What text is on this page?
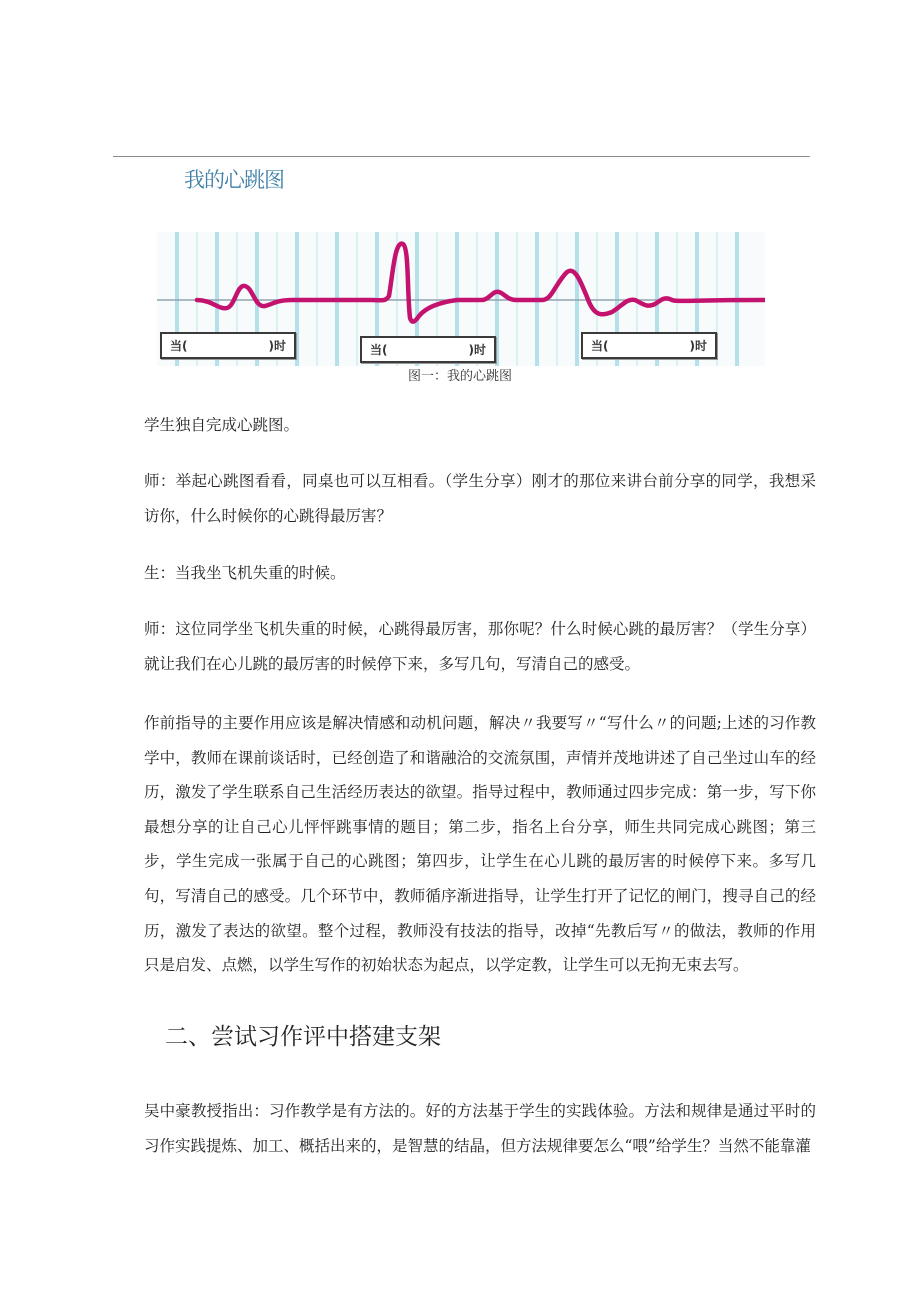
我的心跳图
当(	)时	当(	)时	当(	)时
图一：我的心跳图
学生独自完成心跳图。
师：举起心跳图看看，同桌也可以互相看。（学生分享）刚才的那位来讲台前分享的同学，我想采访你，什么时候你的心跳得最厉害？
生：当我坐飞机失重的时候。
师：这位同学坐飞机失重的时候，心跳得最厉害，那你呢？什么时候心跳的最厉害？（学生分享）就让我们在心儿跳的最厉害的时候停下来，多写几句，写清自己的感受。
作前指导的主要作用应该是解决情感和动机问题，解决〃我要写〃“写什么〃的问题;上述的习作教学中，教师在课前谈话时，已经创造了和谐融洽的交流氛围，声情并茂地讲述了自己坐过山车的经历，激发了学生联系自己生活经历表达的欲望。指导过程中，教师通过四步完成：第一步，写下你最想分享的让自己心儿怦怦跳事情的题目；第二步，指名上台分享，师生共同完成心跳图；第三步，学生完成一张属于自己的心跳图；第四步，让学生在心儿跳的最厉害的时候停下来。多写几句，写清自己的感受。几个环节中，教师循序渐进指导，让学生打开了记忆的闸门，搜寻自己的经历，激发了表达的欲望。整个过程，教师没有技法的指导，改掉“先教后写〃的做法，教师的作用只是启发、点燃，以学生写作的初始状态为起点，以学定教，让学生可以无拘无束去写。
二、尝试习作评中搭建支架
吴中豪教授指出：习作教学是有方法的。好的方法基于学生的实践体验。方法和规律是通过平时的习作实践提炼、加工、概括出来的，是智慧的结晶，但方法规律要怎么“喂”给学生？当然不能靠灌
